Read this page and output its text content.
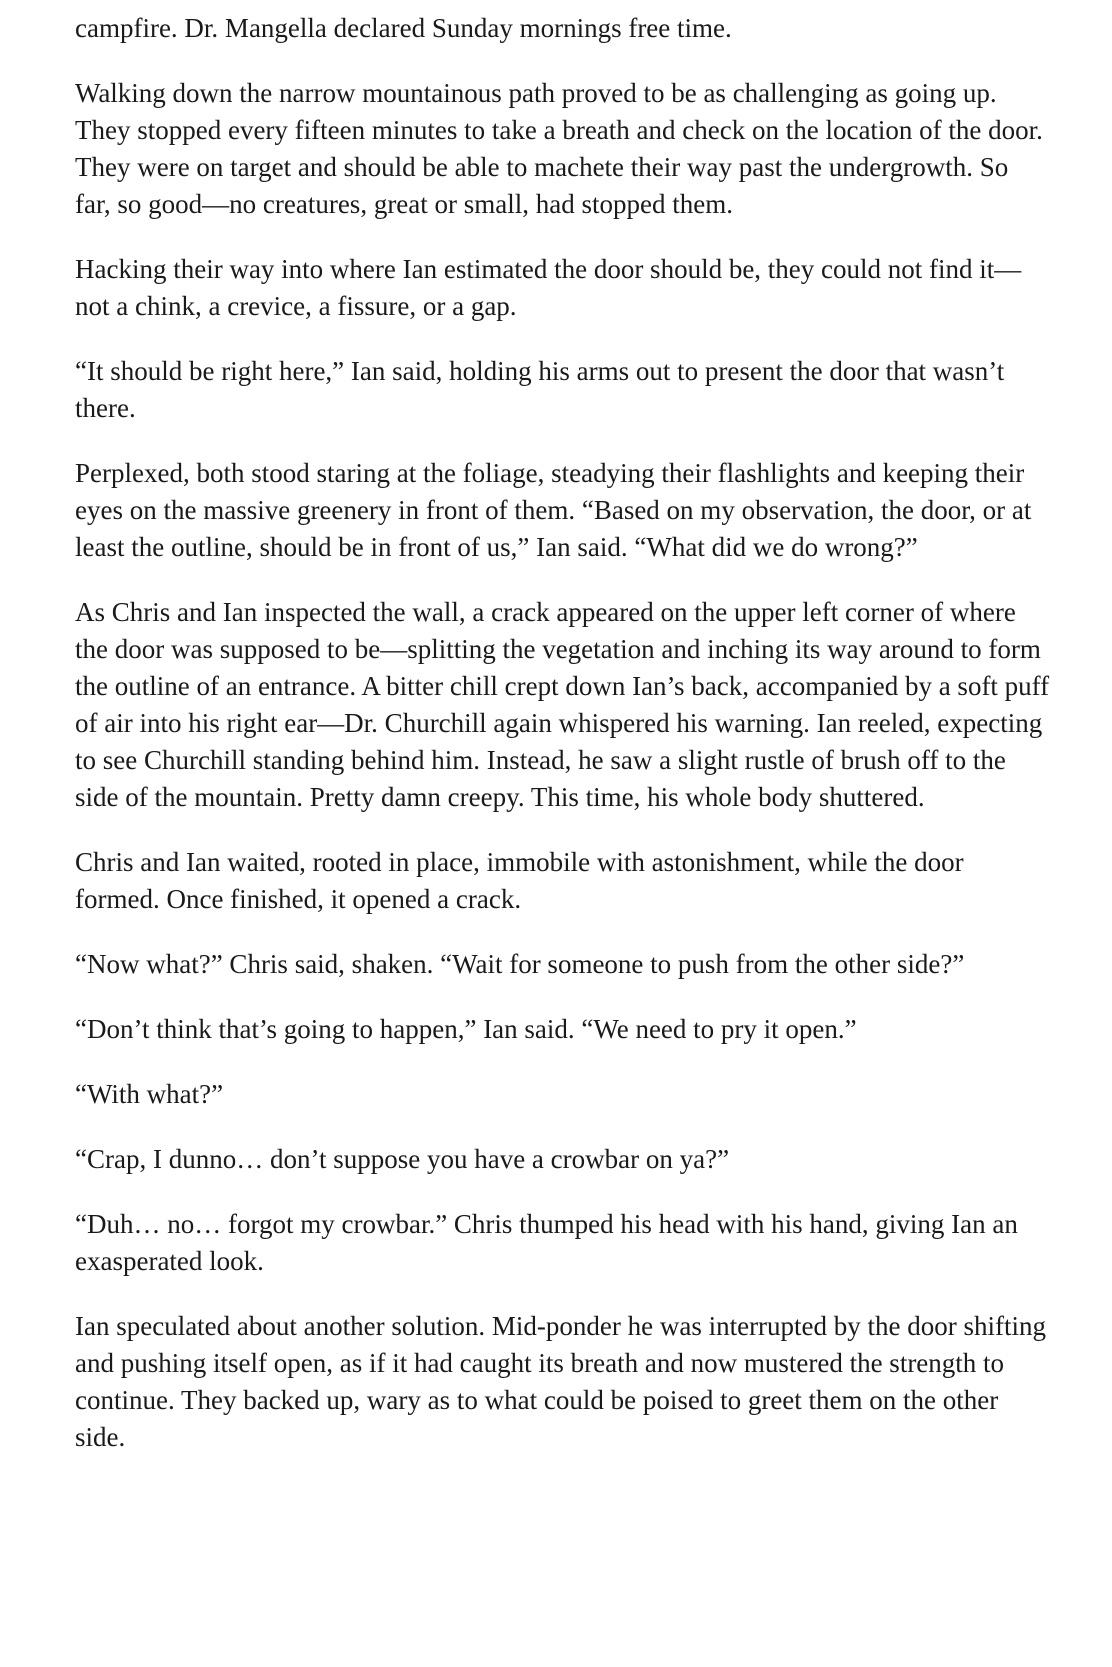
campfire. Dr. Mangella declared Sunday mornings free time.

Walking down the narrow mountainous path proved to be as challenging as going up. They stopped every fifteen minutes to take a breath and check on the location of the door. They were on target and should be able to machete their way past the undergrowth. So far, so good—no creatures, great or small, had stopped them.

Hacking their way into where Ian estimated the door should be, they could not find it—not a chink, a crevice, a fissure, or a gap.

“It should be right here,” Ian said, holding his arms out to present the door that wasn’t there.

Perplexed, both stood staring at the foliage, steadying their flashlights and keeping their eyes on the massive greenery in front of them. “Based on my observation, the door, or at least the outline, should be in front of us,” Ian said. “What did we do wrong?”

As Chris and Ian inspected the wall, a crack appeared on the upper left corner of where the door was supposed to be—splitting the vegetation and inching its way around to form the outline of an entrance. A bitter chill crept down Ian’s back, accompanied by a soft puff of air into his right ear—Dr. Churchill again whispered his warning. Ian reeled, expecting to see Churchill standing behind him. Instead, he saw a slight rustle of brush off to the side of the mountain. Pretty damn creepy. This time, his whole body shuttered.

Chris and Ian waited, rooted in place, immobile with astonishment, while the door formed. Once finished, it opened a crack.

“Now what?” Chris said, shaken. “Wait for someone to push from the other side?”

“Don’t think that’s going to happen,” Ian said. “We need to pry it open.”

“With what?”

“Crap, I dunno… don’t suppose you have a crowbar on ya?”

“Duh… no… forgot my crowbar.” Chris thumped his head with his hand, giving Ian an exasperated look.

Ian speculated about another solution. Mid-ponder he was interrupted by the door shifting and pushing itself open, as if it had caught its breath and now mustered the strength to continue. They backed up, wary as to what could be poised to greet them on the other side.
